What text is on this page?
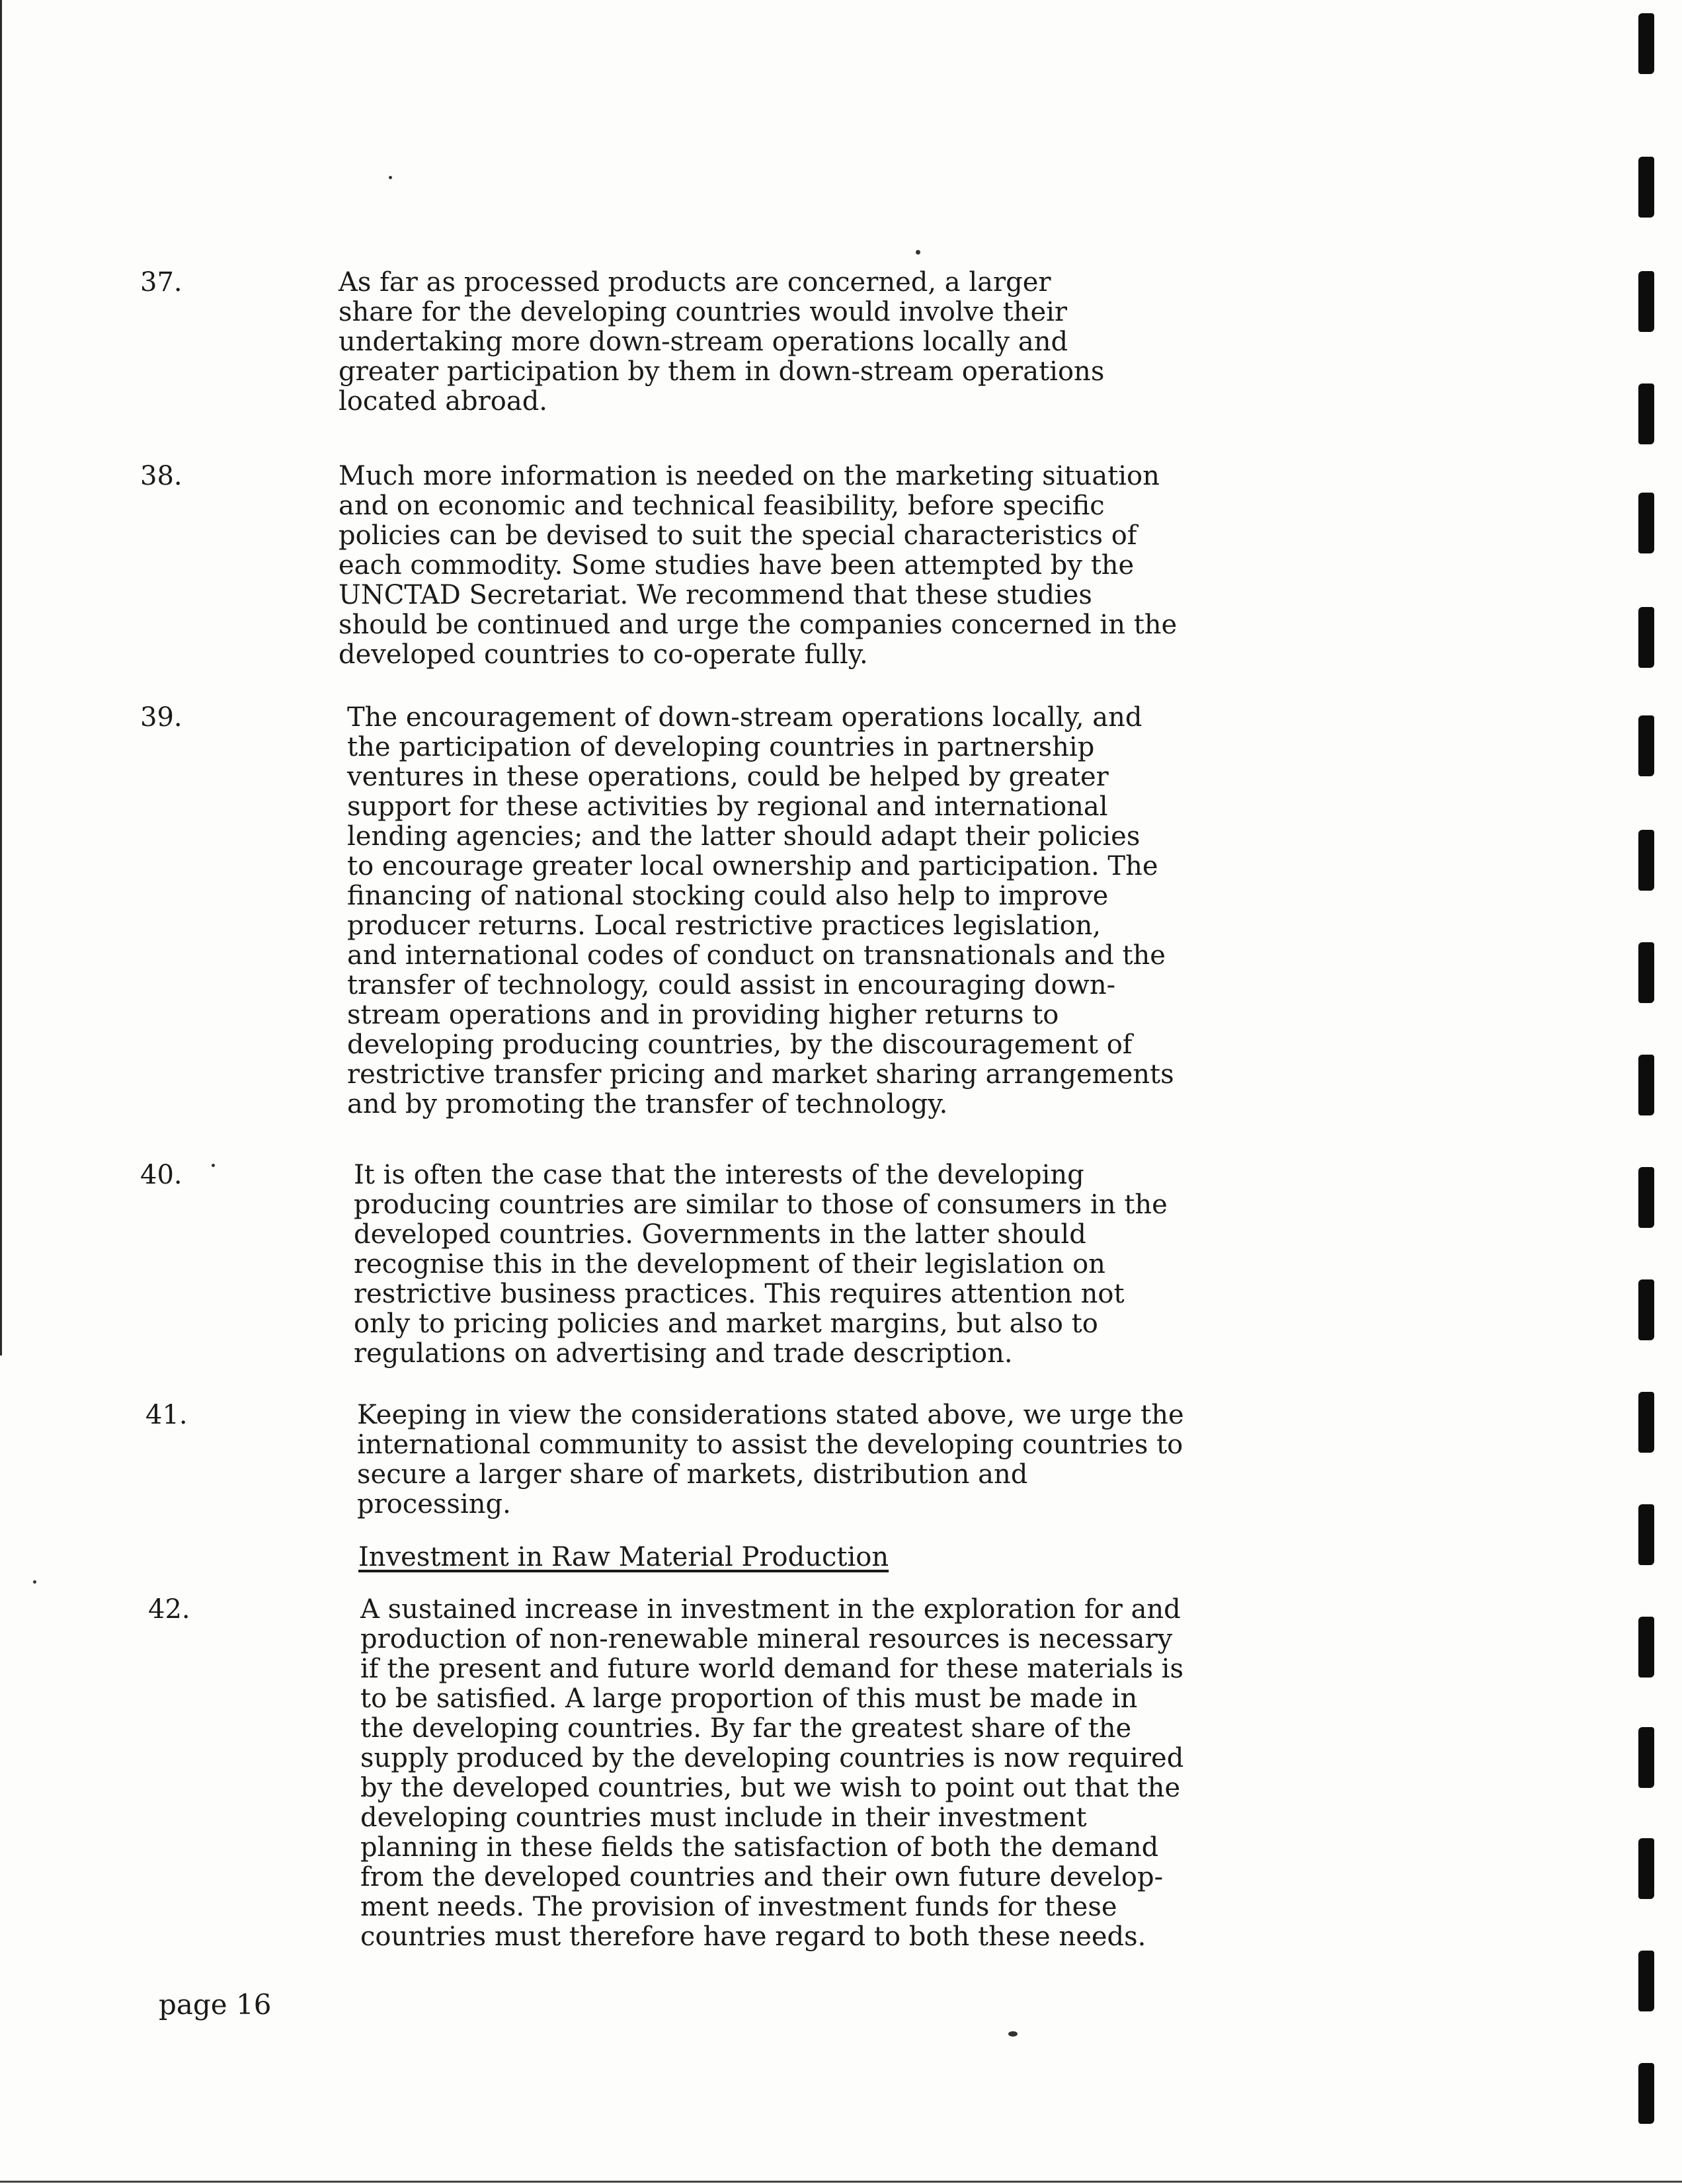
37.	As far as processed products are concerned, a larger
share for the developing countries would involve their
undertaking more down-stream operations locally and
greater participation by them in down-stream operations
located abroad.
38.	Much more information is needed on the marketing situation
and on economic and technical feasibility, before specific
policies can be devised to suit the special characteristics of
each commodity. Some studies have been attempted by the
UNCTAD Secretariat. We recommend that these studies
should be continued and urge the companies concerned in the
developed countries to co-operate fully.
39.	The encouragement of down-stream operations locally, and
the participation of developing countries in partnership
ventures in these operations, could be helped by greater
support for these activities by regional and international
lending agencies; and the latter should adapt their policies
to encourage greater local ownership and participation. The
financing of national stocking could also help to improve
producer returns. Local restrictive practices legislation,
and international codes of conduct on transnationals and the
transfer of technology, could assist in encouraging down-
stream operations and in providing higher returns to
developing producing countries, by the discouragement of
restrictive transfer pricing and market sharing arrangements
and by promoting the transfer of technology.
40.	It is often the case that the interests of the developing
producing countries are similar to those of consumers in the
developed countries. Governments in the latter should
recognise this in the development of their legislation on
restrictive business practices. This requires attention not
only to pricing policies and market margins, but also to
regulations on advertising and trade description.
41.	Keeping in view the considerations stated above, we urge the
international community to assist the developing countries to
secure a larger share of markets, distribution and
processing.
Investment in Raw Material Production
42.	A sustained increase in investment in the exploration for and
production of non-renewable mineral resources is necessary
if the present and future world demand for these materials is
to be satisfied. A large proportion of this must be made in
the developing countries. By far the greatest share of the
supply produced by the developing countries is now required
by the developed countries, but we wish to point out that the
developing countries must include in their investment
planning in these fields the satisfaction of both the demand
from the developed countries and their own future develop-
ment needs. The provision of investment funds for these
countries must therefore have regard to both these needs.
page 16
